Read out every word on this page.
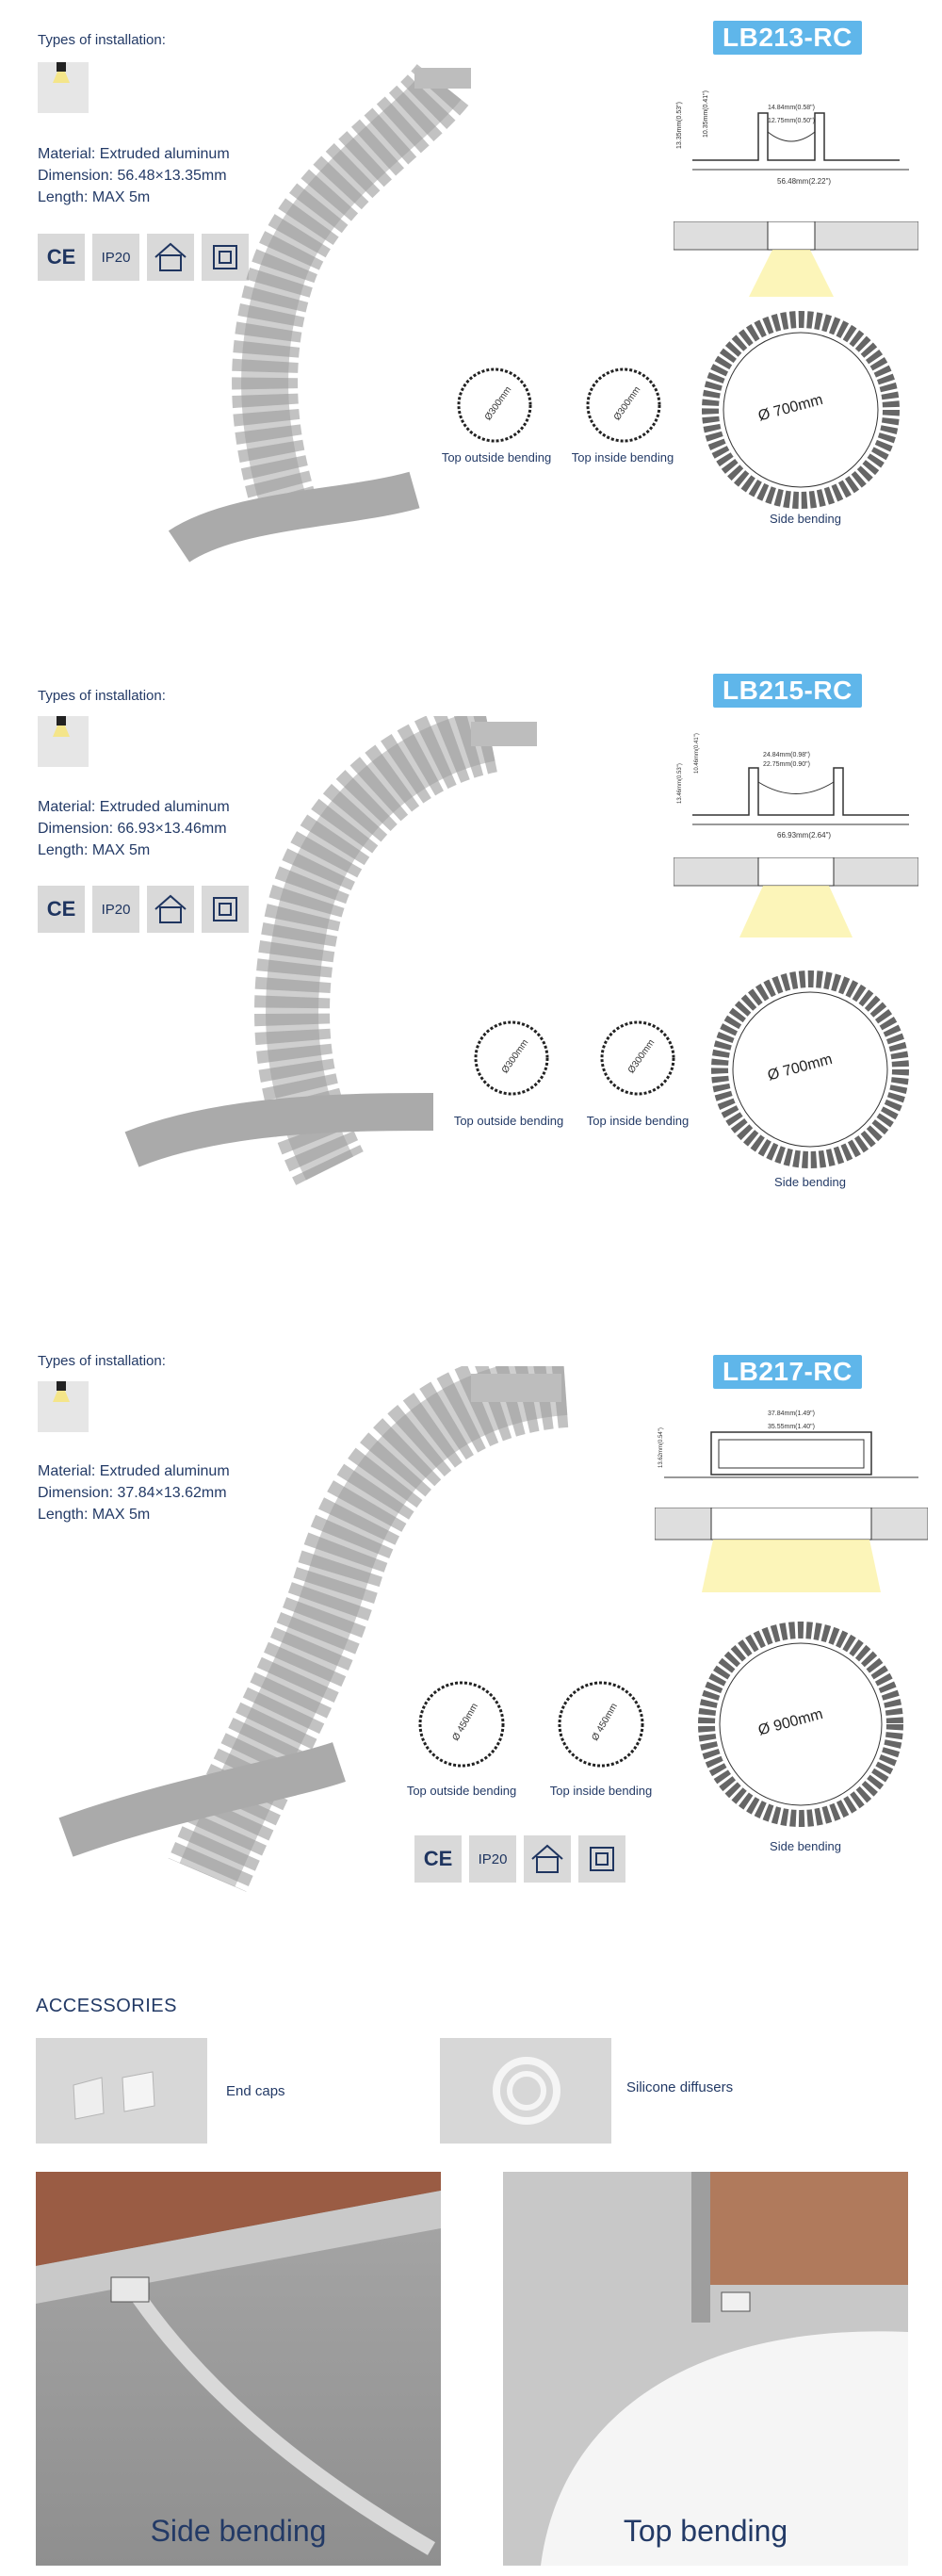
Types of installation:
Material: Extruded aluminum
Dimension: 56.48×13.35mm
Length: MAX 5m
CE	IP20
LB213-RC
14.84mm(0.58")
12.75mm(0.50")
56.48mm(2.22")
13.35mm(0.53")	10.35mm(0.41")
Ø300mm	Ø300mm
Top outside bending	Top inside bending
Ø 700mm
Side bending
Types of installation:
Material: Extruded aluminum
Dimension: 66.93×13.46mm
Length: MAX 5m
CE	IP20
LB215-RC
24.84mm(0.98")
22.75mm(0.90")
66.93mm(2.64")
13.46mm(0.53")
10.46mm(0.41")
Ø300mm	Ø300mm
Top outside bending	Top inside bending
Ø 700mm
Side bending
Types of installation:
Material: Extruded aluminum
Dimension: 37.84×13.62mm
Length: MAX 5m
LB217-RC
37.84mm(1.49")
35.55mm(1.40")
13.62mm(0.54")
Ø 450mm	Ø 450mm
Top outside bending	Top inside bending
Ø 900mm
Side bending
CE	IP20
ACCESSORIES
End caps	Silicone diffusers
Side bending	Top bending
